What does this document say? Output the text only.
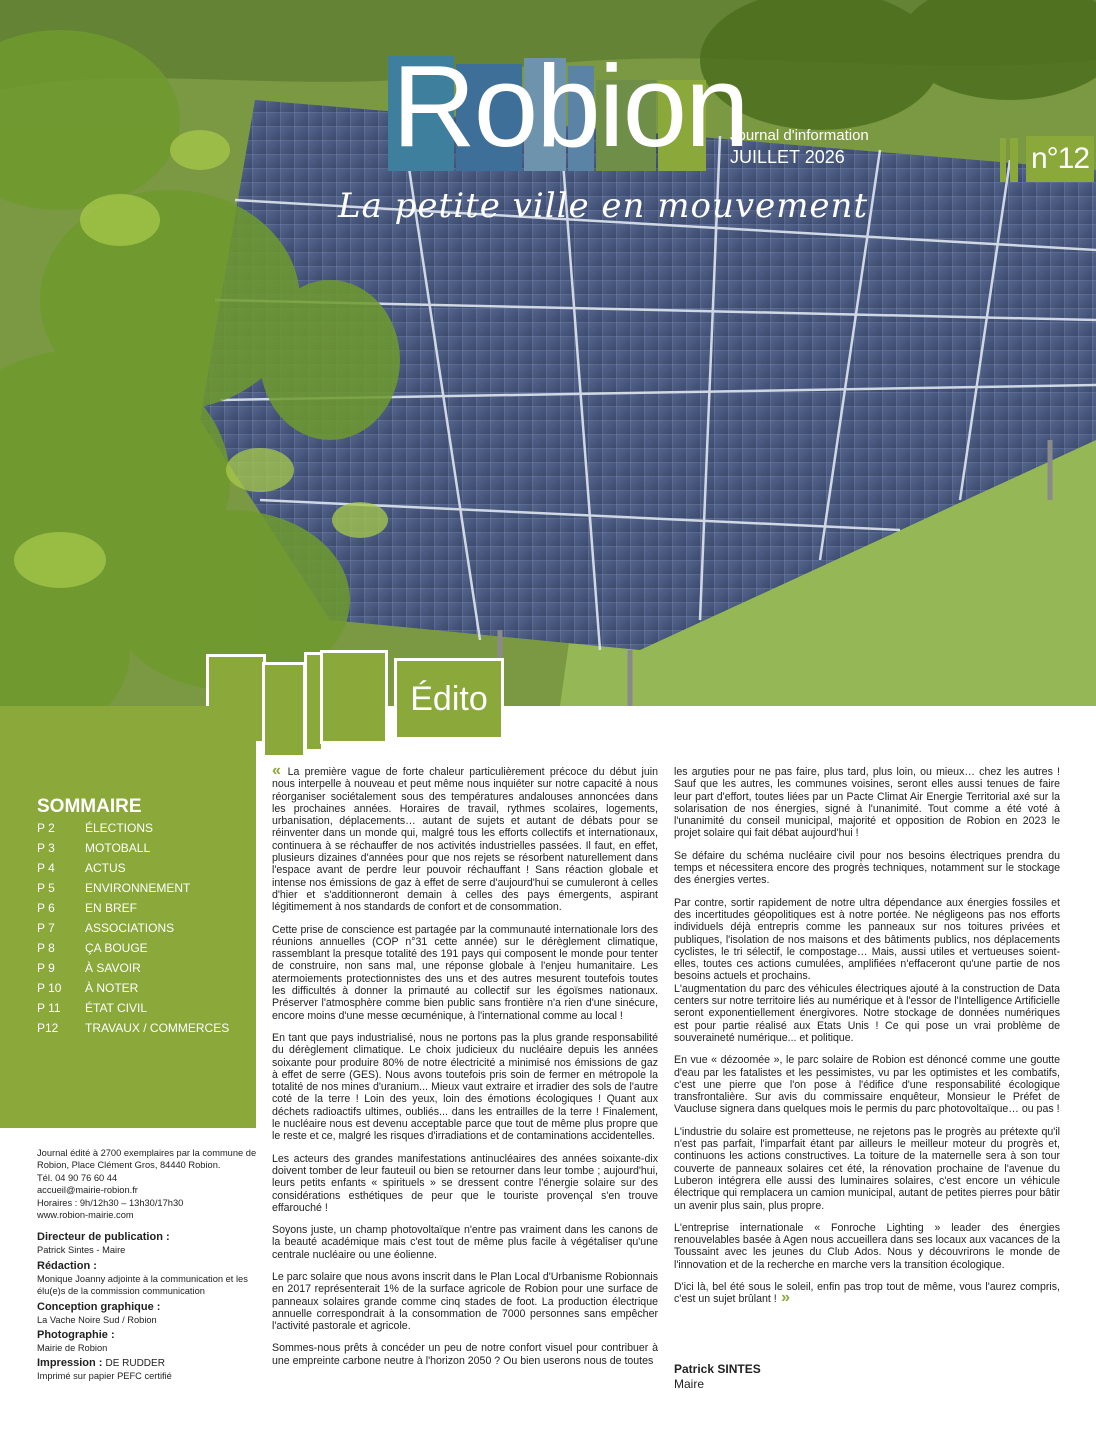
Robion
Journal d'information
JUILLET 2026	n°12
La petite ville en mouvement
Édito
SOMMAIRE
P 2	ÉLECTIONS
P 3	MOTOBALL
P 4	ACTUS
P 5	ENVIRONNEMENT
P 6	EN BREF
P 7	ASSOCIATIONS
P 8	ÇA BOUGE
P 9	À SAVOIR
P 10 À NOTER
P 11 ÉTAT CIVIL
P12 TRAVAUX / COMMERCES

Journal édité à 2700 exemplaires par la commune de Robion, Place Clément Gros, 84440 Robion.

Tél. 04 90 76 60 44

accueil@mairie-robion.fr

Horaires : 9h/12h30 – 13h30/17h30

www.robion-mairie.com

Directeur de publication :

Patrick Sintes - Maire

Rédaction :

Monique Joanny adjointe à la communication et les élu(e)s de la commission communication

Conception graphique :

La Vache Noire Sud / Robion

Photographie :

Mairie de Robion

Impression : DE RUDDER

Imprimé sur papier PEFC certifié

« La première vague de forte chaleur particulièrement précoce du début juin nous interpelle à nouveau et peut même nous inquiéter sur notre capacité à nous réorganiser sociétalement sous des températures andalouses annoncées dans les prochaines années. Horaires de travail, rythmes scolaires, logements, urbanisation, déplacements… autant de sujets et autant de débats pour se réinventer dans un monde qui, malgré tous les efforts collectifs et internationaux, continuera à se réchauffer de nos activités industrielles passées. Il faut, en effet, plusieurs dizaines d'années pour que nos rejets se résorbent naturellement dans l'espace avant de perdre leur pouvoir réchauffant ! Sans réaction globale et intense nos émissions de gaz à effet de serre d'aujourd'hui se cumuleront à celles d'hier et s'additionneront demain à celles des pays émergents, aspirant légitimement à nos standards de confort et de consommation.

Cette prise de conscience est partagée par la communauté internationale lors des réunions annuelles (COP n°31 cette année) sur le dérèglement climatique, rassemblant la presque totalité des 191 pays qui composent le monde pour tenter de construire, non sans mal, une réponse globale à l'enjeu humanitaire. Les atermoiements protectionnistes des uns et des autres mesurent toutefois toutes les difficultés à donner la primauté au collectif sur les égoïsmes nationaux. Préserver l'atmosphère comme bien public sans frontière n'a rien d'une sinécure, encore moins d'une messe œcuménique, à l'international comme au local !

En tant que pays industrialisé, nous ne portons pas la plus grande responsabilité du dérèglement climatique. Le choix judicieux du nucléaire depuis les années soixante pour produire 80% de notre électricité a minimisé nos émissions de gaz à effet de serre (GES). Nous avons toutefois pris soin de fermer en métropole la totalité de nos mines d'uranium... Mieux vaut extraire et irradier des sols de l'autre coté de la terre ! Loin des yeux, loin des émotions écologiques ! Quant aux déchets radioactifs ultimes, oubliés... dans les entrailles de la terre ! Finalement, le nucléaire nous est devenu acceptable parce que tout de même plus propre que le reste et ce, malgré les risques d'irradiations et de contaminations accidentelles.

Les acteurs des grandes manifestations antinucléaires des années soixante-dix doivent tomber de leur fauteuil ou bien se retourner dans leur tombe ; aujourd'hui, leurs petits enfants « spirituels » se dressent contre l'énergie solaire sur des considérations esthétiques de peur que le touriste provençal s'en trouve effarouché !

Soyons juste, un champ photovoltaïque n'entre pas vraiment dans les canons de la beauté académique mais c'est tout de même plus facile à végétaliser qu'une centrale nucléaire ou une éolienne.

Le parc solaire que nous avons inscrit dans le Plan Local d'Urbanisme Robionnais en 2017 représenterait 1% de la surface agricole de Robion pour une surface de panneaux solaires grande comme cinq stades de foot. La production électrique annuelle correspondrait à la consommation de 7000 personnes sans empêcher l'activité pastorale et agricole.

Sommes-nous prêts à concéder un peu de notre confort visuel pour contribuer à une empreinte carbone neutre à l'horizon 2050 ? Ou bien userons nous de toutes

les arguties pour ne pas faire, plus tard, plus loin, ou mieux… chez les autres ! Sauf que les autres, les communes voisines, seront elles aussi tenues de faire leur part d'effort, toutes liées par un Pacte Climat Air Energie Territorial axé sur la solarisation de nos énergies, signé à l'unanimité. Tout comme a été voté à l'unanimité du conseil municipal, majorité et opposition de Robion en 2023 le projet solaire qui fait débat aujourd'hui !

Se défaire du schéma nucléaire civil pour nos besoins électriques prendra du temps et nécessitera encore des progrès techniques, notamment sur le stockage des énergies vertes.

Par contre, sortir rapidement de notre ultra dépendance aux énergies fossiles et des incertitudes géopolitiques est à notre portée. Ne négligeons pas nos efforts individuels déjà entrepris comme les panneaux sur nos toitures privées et publiques, l'isolation de nos maisons et des bâtiments publics, nos déplacements cyclistes, le tri sélectif, le compostage… Mais, aussi utiles et vertueuses soient-elles, toutes ces actions cumulées, amplifiées n'effaceront qu'une partie de nos besoins actuels et prochains.
L'augmentation du parc des véhicules électriques ajouté à la construction de Data centers sur notre territoire liés au numérique et à l'essor de l'Intelligence Artificielle seront exponentiellement énergivores. Notre stockage de données numériques est pour partie réalisé aux Etats Unis ! Ce qui pose un vrai problème de souveraineté numérique... et politique.

En vue « dézoomée », le parc solaire de Robion est dénoncé comme une goutte d'eau par les fatalistes et les pessimistes, vu par les optimistes et les combatifs, c'est une pierre que l'on pose à l'édifice d'une responsabilité écologique transfrontalière. Sur avis du commissaire enquêteur, Monsieur le Préfet de Vaucluse signera dans quelques mois le permis du parc photovoltaïque… ou pas !

L'industrie du solaire est prometteuse, ne rejetons pas le progrès au prétexte qu'il n'est pas parfait, l'imparfait étant par ailleurs le meilleur moteur du progrès et, continuons les actions constructives. La toiture de la maternelle sera à son tour couverte de panneaux solaires cet été, la rénovation prochaine de l'avenue du Luberon intégrera elle aussi des luminaires solaires, c'est encore un véhicule électrique qui remplacera un camion municipal, autant de petites pierres pour bâtir un avenir plus sain, plus propre.

L'entreprise internationale « Fonroche Lighting » leader des énergies renouvelables basée à Agen nous accueillera dans ses locaux aux vacances de la Toussaint avec les jeunes du Club Ados. Nous y découvrirons le monde de l'innovation et de la recherche en marche vers la transition écologique.

D'ici là, bel été sous le soleil, enfin pas trop tout de même, vous l'aurez compris, c'est un sujet brûlant ! »

Patrick SINTES
Maire
